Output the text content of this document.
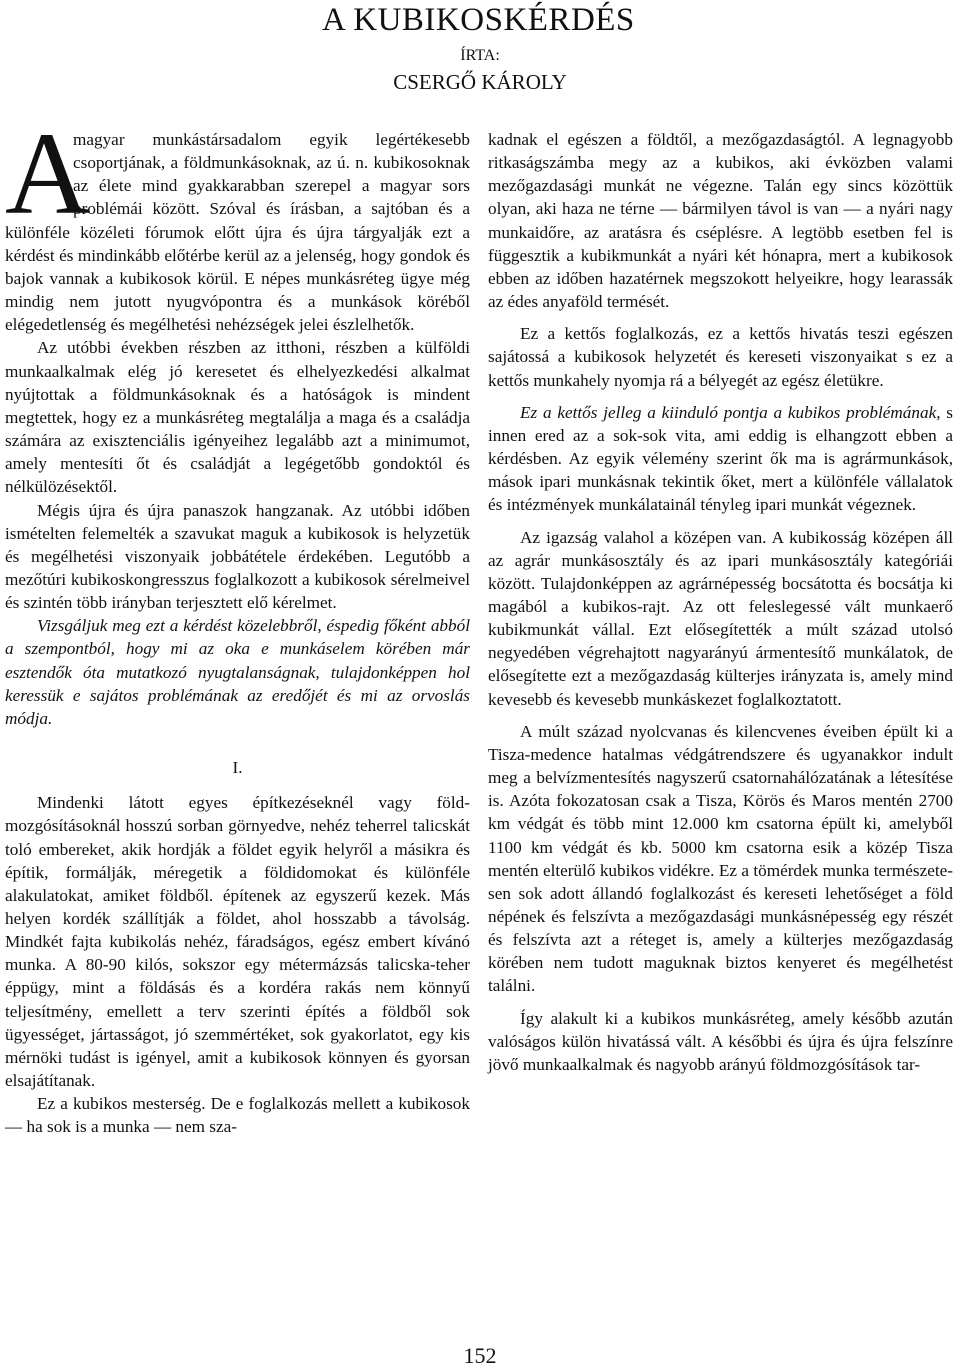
A KUBIKOSKÉRDÉS
ÍRTA:
CSERGŐ KÁROLY

A
magyar munkástársadalom egyik legértékesebb csoportjának, a földmunkásoknak, az ú. n. kubikosoknak az élete mind gyakkarabban szerepel a magyar sors problémái között. Szóval és írásban, a sajtóban és a különféle közéleti fórumok előtt újra és újra tárgyalják ezt a kérdést és mindinkább előtérbe kerül az a jelenség, hogy gondok és bajok vannak a kubikosok körül. E népes munkásréteg ügye még mindig nem jutott nyugvópontra és a munkások köréből elégedetlenség és megélhetési nehézségek jelei észlelhetők.

Az utóbbi években részben az itthoni, részben a külföldi munkaalkalmak elég jó keresetet és elhelyezkedési alkalmat nyújtottak a földmunkásoknak és a hatóságok is mindent megtettek, hogy ez a munkásréteg megtalálja a maga és a családja számára az exisztenciális igényeihez legalább azt a minimumot, amely mentesíti őt és családját a legégetőbb gondoktól és nélkülözésektől.

Mégis újra és újra panaszok hangzanak. Az utóbbi időben ismételten felemelték a szavukat maguk a kubikosok is helyzetük és megélhetési viszonyaik jobbátétele érdekében. Legutóbb a mezőtúri kubikoskongresszus foglalkozott a kubikosok sérelmeivel és szintén több irányban terjesztett elő kérelmet.

Vizsgáljuk meg ezt a kérdést közelebbről, éspedig főként abból a szempontból, hogy mi az oka e munkáselem körében már esztendők óta mutatkozó nyugtalanságnak, tulajdonképpen hol keressük e sajátos problémának az eredőjét és mi az orvoslás módja.

I.

Mindenki látott egyes építkezéseknél vagy földmozgósításoknál hosszú sorban görnyedve, nehéz teherrel talicskát toló embereket, akik hordják a földet egyik helyről a másikra és építik, formálják, méregetik a földidomokat és különféle alakulatokat, amiket földből. építenek az egyszerű kezek. Más helyen kordék szállítják a földet, ahol hosszabb a távolság. Mindkét fajta kubikolás nehéz, fáradságos, egész embert kívánó munka. A 80-90 kilós, sokszor egy métermázsás talicska-teher éppügy, mint a földásás és a kordéra rakás nem könnyű teljesítmény, emellett a terv szerinti építés a földből sok ügyességet, jártasságot, jó szemmértéket, sok gyakorlatot, egy kis mérnöki tudást is igényel, amit a kubikosok könnyen és gyorsan elsajátítanak.

Ez a kubikos mesterség. De e foglalkozás mellett a kubikosok — ha sok is a munka — nem sza-

kadnak el egészen a földtől, a mezőgazdaságtól. A legnagyobb ritkaságszámba megy az a kubikos, aki évközben valami mezőgazdasági munkát ne végezne. Talán egy sincs közöttük olyan, aki haza ne térne — bármilyen távol is van — a nyári nagy munkaidőre, az aratásra és cséplésre. A legtöbb esetben fel is függesztik a kubikmunkát a nyári két hónapra, mert a kubikosok ebben az időben hazatérnek megszokott helyeikre, hogy learassák az édes anyaföld termését.

Ez a kettős foglalkozás, ez a kettős hivatás teszi egészen sajátossá a kubikosok helyzetét és kereseti viszonyaikat s ez a kettős munkahely nyomja rá a bélyegét az egész életükre.

Ez a kettős jelleg a kiinduló pontja a kubikos problémának, s innen ered az a sok-sok vita, ami eddig is elhangzott ebben a kérdésben. Az egyik vélemény szerint ők ma is agrármunkások, mások ipari munkásnak tekintik őket, mert a különféle vállalatok és intézmények munkálatainál tényleg ipari munkát végeznek.

Az igazság valahol a középen van. A kubikosság középen áll az agrár munkásosztály és az ipari munkásosztály kategóriái között. Tulajdonképpen az agrárnépesség bocsátotta és bocsátja ki magából a kubikos-rajt. Az ott feleslegessé vált munkaerő kubikmunkát vállal. Ezt elősegítették a múlt század utolsó negyedében végrehajtott nagyarányú ármentesítő munkálatok, de elősegítette ezt a mezőgazdaság külterjes irányzata is, amely mind kevesebb és kevesebb munkáskezet foglalkoztatott.

A múlt század nyolcvanas és kilencvenes éveiben épült ki a Tisza-medence hatalmas védgátrendszere és ugyanakkor indult meg a belvízmentesítés nagyszerű csatornahálózatának a létesítése is. Azóta fokozatosan csak a Tisza, Körös és Maros mentén 2700 km védgát és több mint 12.000 km csatorna épült ki, amelyből 1100 km védgát és kb. 5000 km csatorna esik a közép Tisza mentén elterülő kubikos vidékre. Ez a tömérdek munka természetesen sok adott állandó foglalkozást és kereseti lehetőséget a föld népének és felszívta a mezőgazdasági munkásnépesség egy részét és felszívta azt a réteget is, amely a külterjes mezőgazdaság körében nem tudott maguknak biztos kenyeret és megélhetést találni.

Így alakult ki a kubikos munkásréteg, amely később azután valóságos külön hivatássá vált. A későbbi és újra és újra felszínre jövő munkaalkalmak és nagyobb arányú földmozgósítások tar-

152
